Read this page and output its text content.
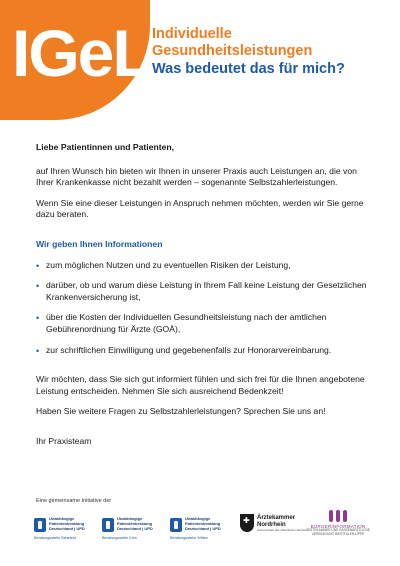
IGeL Individuelle
Gesundheitsleistungen
Was bedeutet das für mich?

Liebe Patientinnen und Patienten,

auf Ihren Wunsch hin bieten wir Ihnen in unserer Praxis auch Leistungen an, die von Ihrer Krankenkasse nicht bezahlt werden – sogenannte Selbstzahlerleistungen.

Wenn Sie eine dieser Leistungen in Anspruch nehmen möchten, werden wir Sie gerne dazu beraten.

Wir geben Ihnen Informationen

• zum möglichen Nutzen und zu eventuellen Risiken der Leistung,
• darüber, ob und warum diese Leistung in Ihrem Fall keine Leistung der Gesetzlichen Krankenversicherung ist,
• über die Kosten der Individuellen Gesundheitsleistung nach der amtlichen Gebührenordnung für Ärzte (GOÄ),
• zur schriftlichen Einwilligung und gegebenenfalls zur Honorarvereinbarung.

Wir möchten, dass Sie sich gut informiert fühlen und sich frei für die Ihnen angebotene Leistung entscheiden. Nehmen Sie sich ausreichend Bedenkzeit!

Haben Sie weitere Fragen zu Selbstzahlerleistungen? Sprechen Sie uns an!

Ihr Praxisteam

Eine gemeinsame Initiative der
Unabhängige Patientenberatung Deutschland | UPD
Beratungsstelle Bielefeld
Unabhängige Patientenberatung Deutschland | UPD
Beratungsstelle Köln
Unabhängige Patientenberatung Deutschland | UPD
Beratungsstelle Witten
✚
Ärztekammer
Nordrhein
Körperschaft des öffentlichen Rechts
BÜRGERINFORMATION
ÄRZTEKAMMER UND KASSENÄRZTLICHE VEREINIGUNG WESTFALEN-LIPPE
